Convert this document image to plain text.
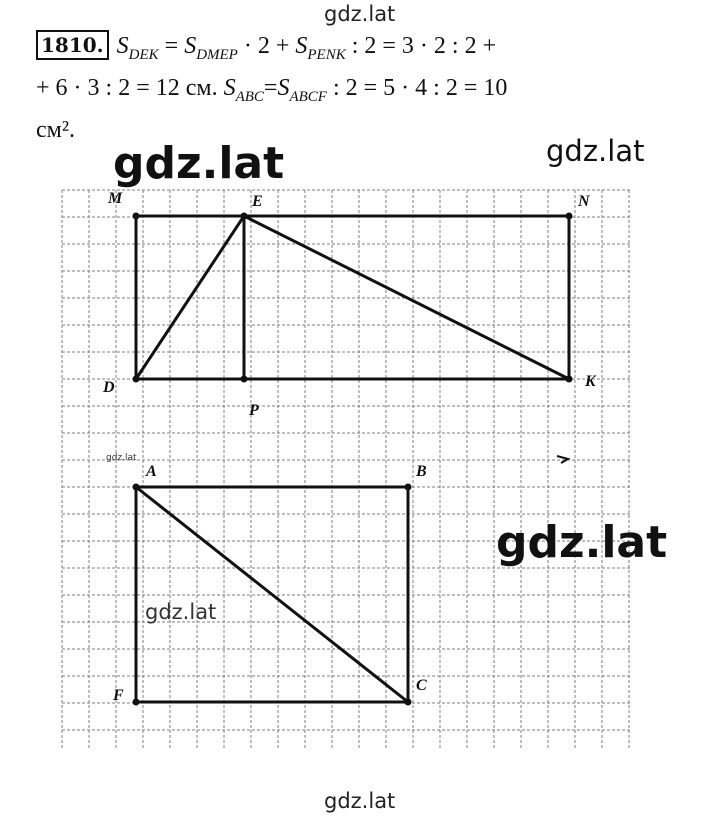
gdz.lat
gdz.lat	gdz.lat
1810. $S_{DEK} = S_{DMEP} \cdot 2 + S_{PENK}$ : 2 = 3 · 2 : 2 +
+ 6 · 3 : 2 = 12 см. $S_{ABC}=S_{ABCF}$ : 2 = 5 · 4 : 2 = 10
см².
M	E	N
D
P
K
A	B
F
C
gdz.lat
gdz.lat
gdz.lat
gdz.lat
